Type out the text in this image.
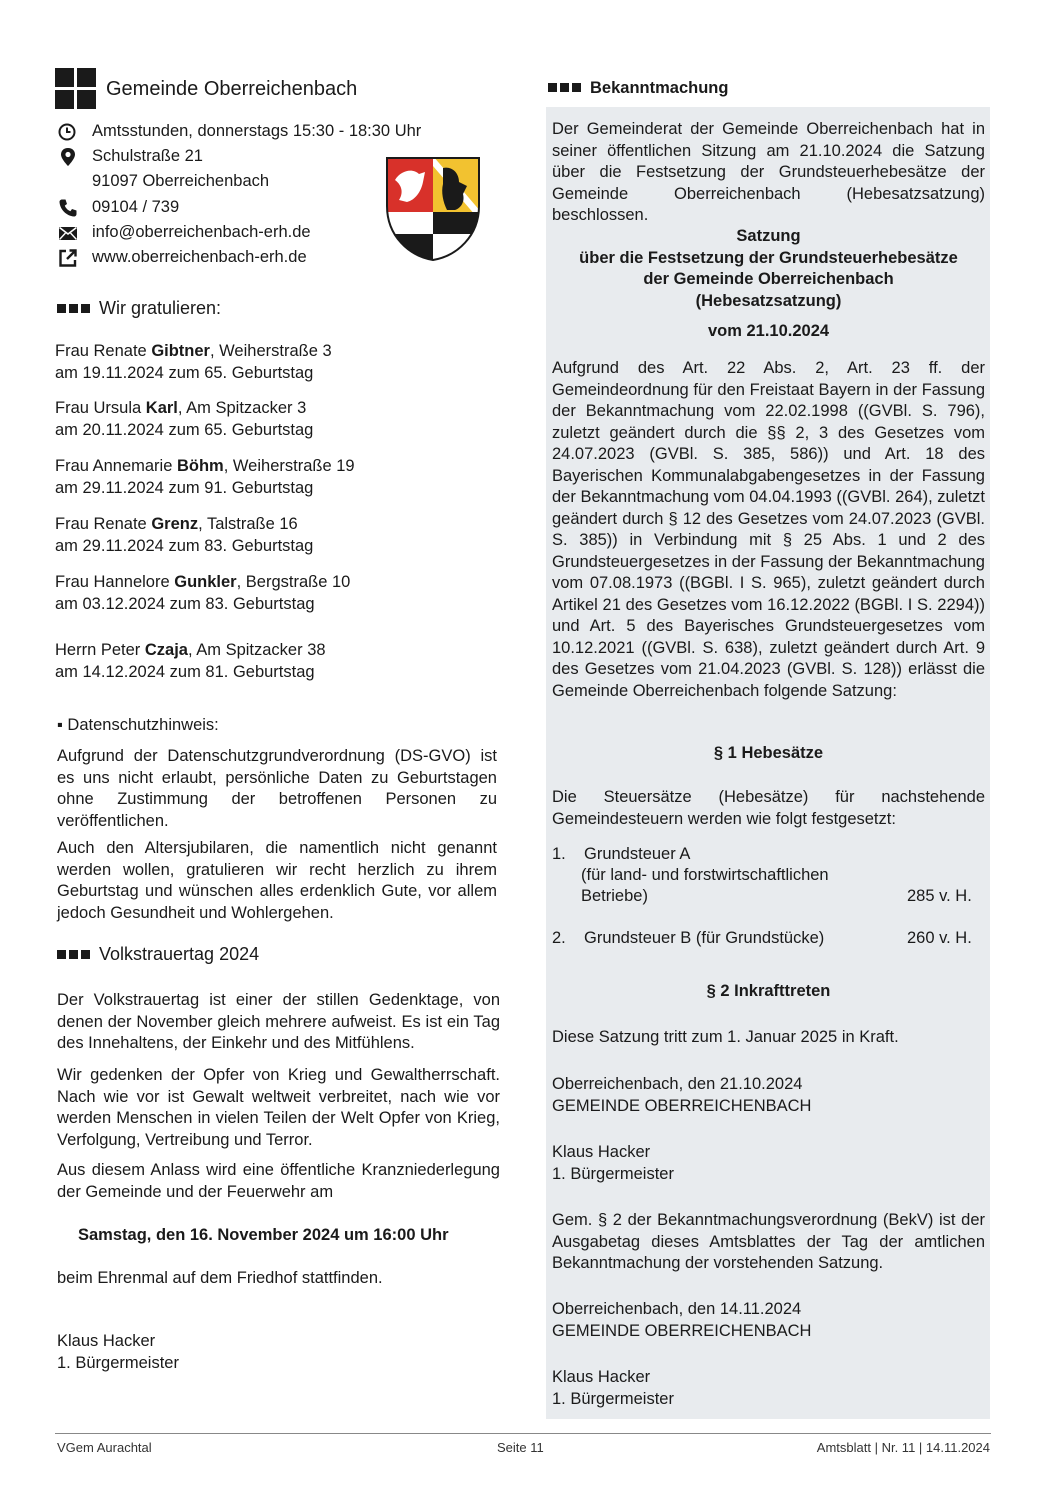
Gemeinde Oberreichenbach
Amtsstunden, donnerstags 15:30 - 18:30 Uhr
Schulstraße 21
91097 Oberreichenbach
09104 / 739
info@oberreichenbach-erh.de
www.oberreichenbach-erh.de
Wir gratulieren:
Frau Renate Gibtner, Weiherstraße 3
am 19.11.2024 zum 65. Geburtstag
Frau Ursula Karl, Am Spitzacker 3
am 20.11.2024 zum 65. Geburtstag
Frau Annemarie Böhm, Weiherstraße 19
am 29.11.2024 zum 91. Geburtstag
Frau Renate Grenz, Talstraße 16
am 29.11.2024 zum 83. Geburtstag
Frau Hannelore Gunkler, Bergstraße 10
am 03.12.2024 zum 83. Geburtstag
Herrn Peter Czaja, Am Spitzacker 38
am 14.12.2024 zum 81. Geburtstag
▪ Datenschutzhinweis:

Aufgrund der Datenschutzgrundverordnung (DS-GVO) ist es uns nicht erlaubt, persönliche Daten zu Geburtstagen ohne Zustimmung der betroffenen Personen zu veröffentlichen.

Auch den Altersjubilaren, die namentlich nicht genannt werden wollen, gratulieren wir recht herzlich zu ihrem Geburtstag und wünschen alles erdenklich Gute, vor allem jedoch Gesundheit und Wohlergehen.

Volkstrauertag 2024

Der Volkstrauertag ist einer der stillen Gedenktage, von denen der November gleich mehrere aufweist. Es ist ein Tag des Innehaltens, der Einkehr und des Mitfühlens.

Wir gedenken der Opfer von Krieg und Gewaltherrschaft. Nach wie vor ist Gewalt weltweit verbreitet, nach wie vor werden Menschen in vielen Teilen der Welt Opfer von Krieg, Verfolgung, Vertreibung und Terror.

Aus diesem Anlass wird eine öffentliche Kranzniederlegung der Gemeinde und der Feuerwehr am

Samstag, den 16. November 2024 um 16:00 Uhr
beim Ehrenmal auf dem Friedhof stattfinden.
Klaus Hacker
1. Bürgermeister
Bekanntmachung

Der Gemeinderat der Gemeinde Oberreichenbach hat in seiner öffentlichen Sitzung am 21.10.2024 die Satzung über die Festsetzung der Grundsteuerhebesätze der Gemeinde Oberreichenbach (Hebesatzsatzung) beschlossen.

Satzung
über die Festsetzung der Grundsteuerhebesätze
der Gemeinde Oberreichenbach
(Hebesatzsatzung)
vom 21.10.2024

Aufgrund des Art. 22 Abs. 2, Art. 23 ff. der Gemeindeordnung für den Freistaat Bayern in der Fassung der Bekanntmachung vom 22.02.1998 ((GVBl. S. 796), zuletzt geändert durch die §§ 2, 3 des Gesetzes vom 24.07.2023 (GVBl. S. 385, 586)) und Art. 18 des Bayerischen Kommunalabgabengesetzes in der Fassung der Bekanntmachung vom 04.04.1993 ((GVBl. 264), zuletzt geändert durch § 12 des Gesetzes vom 24.07.2023 (GVBl. S. 385)) in Verbindung mit § 25 Abs. 1 und 2 des Grundsteuergesetzes in der Fassung der Bekanntmachung vom 07.08.1973 ((BGBl. I S. 965), zuletzt geändert durch Artikel 21 des Gesetzes vom 16.12.2022 (BGBl. I S. 2294)) und Art. 5 des Bayerisches Grundsteuergesetzes vom 10.12.2021 ((GVBl. S. 638), zuletzt geändert durch Art. 9 des Gesetzes vom 21.04.2023 (GVBl. S. 128)) erlässt die Gemeinde Oberreichenbach folgende Satzung:

§ 1 Hebesätze

Die Steuersätze (Hebesätze) für nachstehende Gemeindesteuern werden wie folgt festgesetzt:

1. Grundsteuer A
(für land- und forstwirtschaftlichen
Betriebe)	285 v. H.
2. Grundsteuer B (für Grundstücke)	260 v. H.
§ 2 Inkrafttreten

Diese Satzung tritt zum 1. Januar 2025 in Kraft.

Oberreichenbach, den 21.10.2024
GEMEINDE OBERREICHENBACH
Klaus Hacker
1. Bürgermeister

Gem. § 2 der Bekanntmachungsverordnung (BekV) ist der Ausgabetag dieses Amtsblattes der Tag der amtlichen Bekanntmachung der vorstehenden Satzung.

Oberreichenbach, den 14.11.2024
GEMEINDE OBERREICHENBACH
Klaus Hacker
1. Bürgermeister
VGem Aurachtal	Seite 11	Amtsblatt | Nr. 11 | 14.11.2024
